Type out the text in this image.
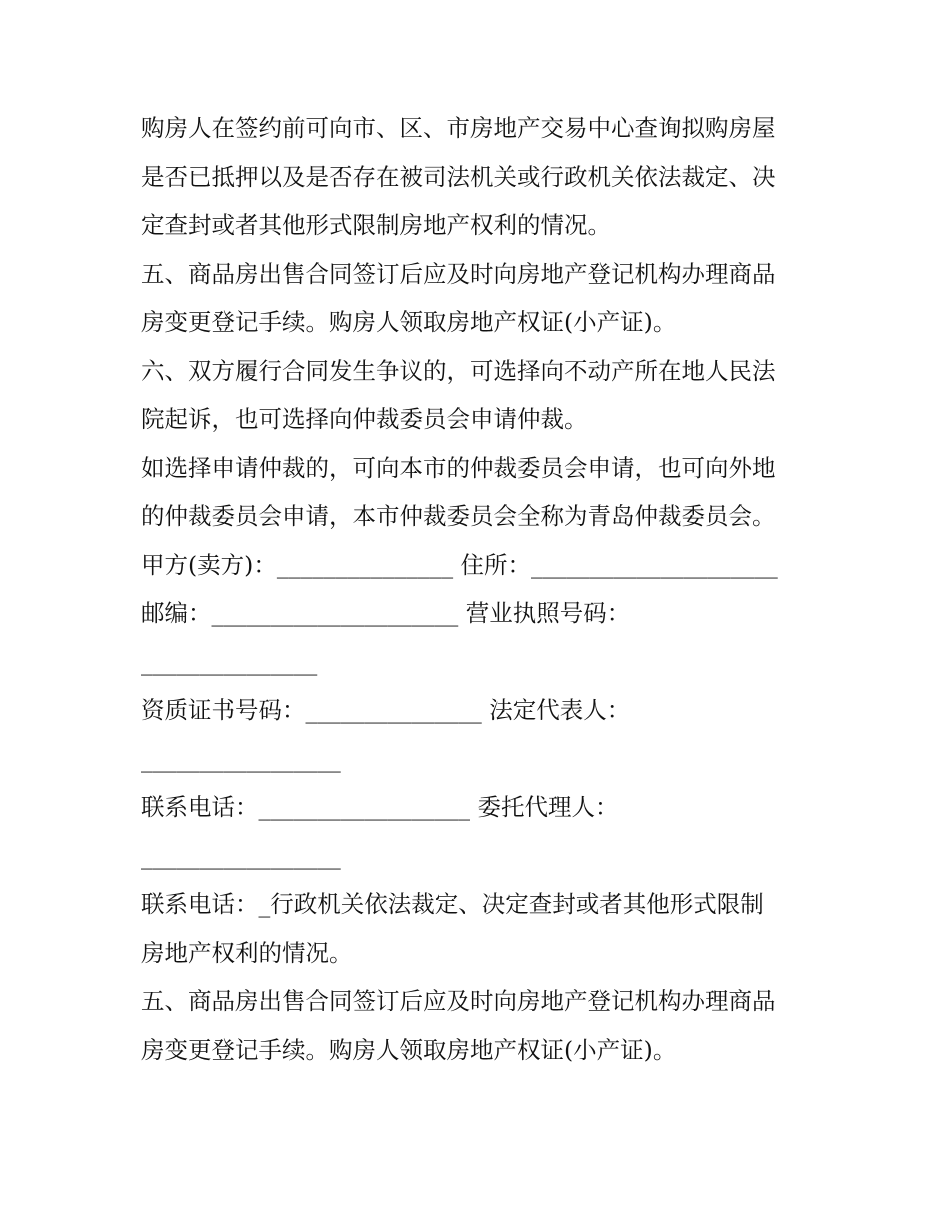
购房人在签约前可向市、区、市房地产交易中心查询拟购房屋
是否已抵押以及是否存在被司法机关或行政机关依法裁定、决
定查封或者其他形式限制房地产权利的情况。
五、商品房出售合同签订后应及时向房地产登记机构办理商品
房变更登记手续。购房人领取房地产权证(小产证)。
六、双方履行合同发生争议的，可选择向不动产所在地人民法
院起诉，也可选择向仲裁委员会申请仲裁。
如选择申请仲裁的，可向本市的仲裁委员会申请，也可向外地
的仲裁委员会申请，本市仲裁委员会全称为青岛仲裁委员会。
甲方(卖方)：_______________ 住所：_____________________
邮编：_____________________ 营业执照号码：
_______________
资质证书号码：_______________ 法定代表人：
_________________
联系电话：__________________ 委托代理人：
_________________
联系电话：_行政机关依法裁定、决定查封或者其他形式限制
房地产权利的情况。
五、商品房出售合同签订后应及时向房地产登记机构办理商品
房变更登记手续。购房人领取房地产权证(小产证)。
